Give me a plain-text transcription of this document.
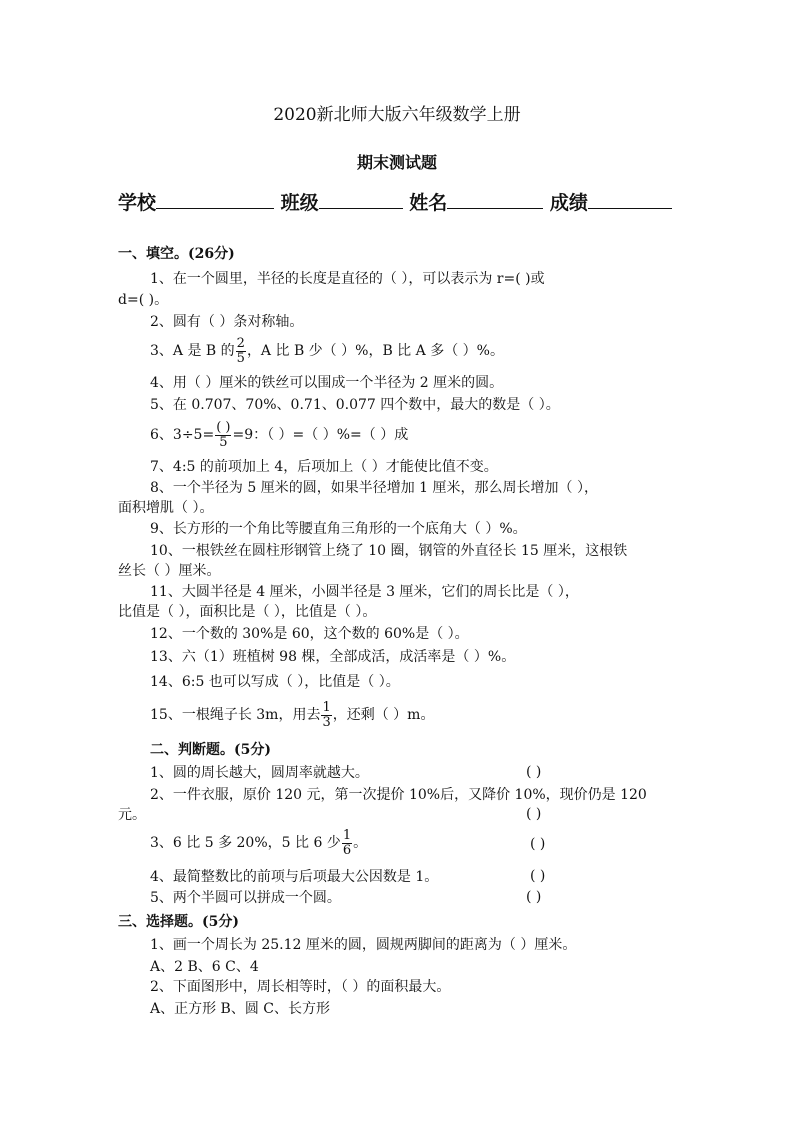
2020新北师大版六年级数学上册
期末测试题
学校	班级	姓名	成绩
一、填空。(26分)
1、在一个圆里，半径的长度是直径的（ ），可以表示为 r=( )或
d=( )。
2、圆有（ ）条对称轴。
3、A 是 B 的 $\frac{2}{5}$ ，A 比 B 少（ ）%，B 比 A 多（ ）%。
4、用（ ）厘米的铁丝可以围成一个半径为 2 厘米的圆。
5、在 0.707、70%、0.71、0.077 四个数中，最大的数是（ ）。
6、$3\div 5= \frac{( )}{5} =9$：（ ）=（ ）%=（ ）成
7、4:5 的前项加上 4，后项加上（ ）才能使比值不变。
8、一个半径为 5 厘米的圆，如果半径增加 1 厘米，那么周长增加（ ），
面积增肌（ ）。
9、长方形的一个角比等腰直角三角形的一个底角大（ ）%。
10、一根铁丝在圆柱形钢管上绕了 10 圈，钢管的外直径长 15 厘米，这根铁
丝长（ ）厘米。
11、大圆半径是 4 厘米，小圆半径是 3 厘米，它们的周长比是（ ），
比值是（ ），面积比是（ ），比值是（ ）。
12、一个数的 30%是 60，这个数的 60%是（ ）。
13、六（1）班植树 98 棵，全部成活，成活率是（ ）%。
14、6:5 也可以写成（ ），比值是（ ）。
15、一根绳子长 3m，用去 $\frac{1}{3}$ ，还剩（ ）m。
二、判断题。(5分)
1、圆的周长越大，圆周率就越大。	( )
2、一件衣服，原价 120 元，第一次提价 10%后，又降价 10%，现价仍是 120
元。	( )
3、6 比 5 多 20%，5 比 6 少 $\frac{1}{6}$ 。	( )
4、最简整数比的前项与后项最大公因数是 1。	( )
5、两个半圆可以拼成一个圆。	( )
三、选择题。(5分)
1、画一个周长为 25.12 厘米的圆，圆规两脚间的距离为（ ）厘米。
A、2 B、6 C、4
2、下面图形中，周长相等时，（ ）的面积最大。
A、正方形 B、圆 C、长方形
